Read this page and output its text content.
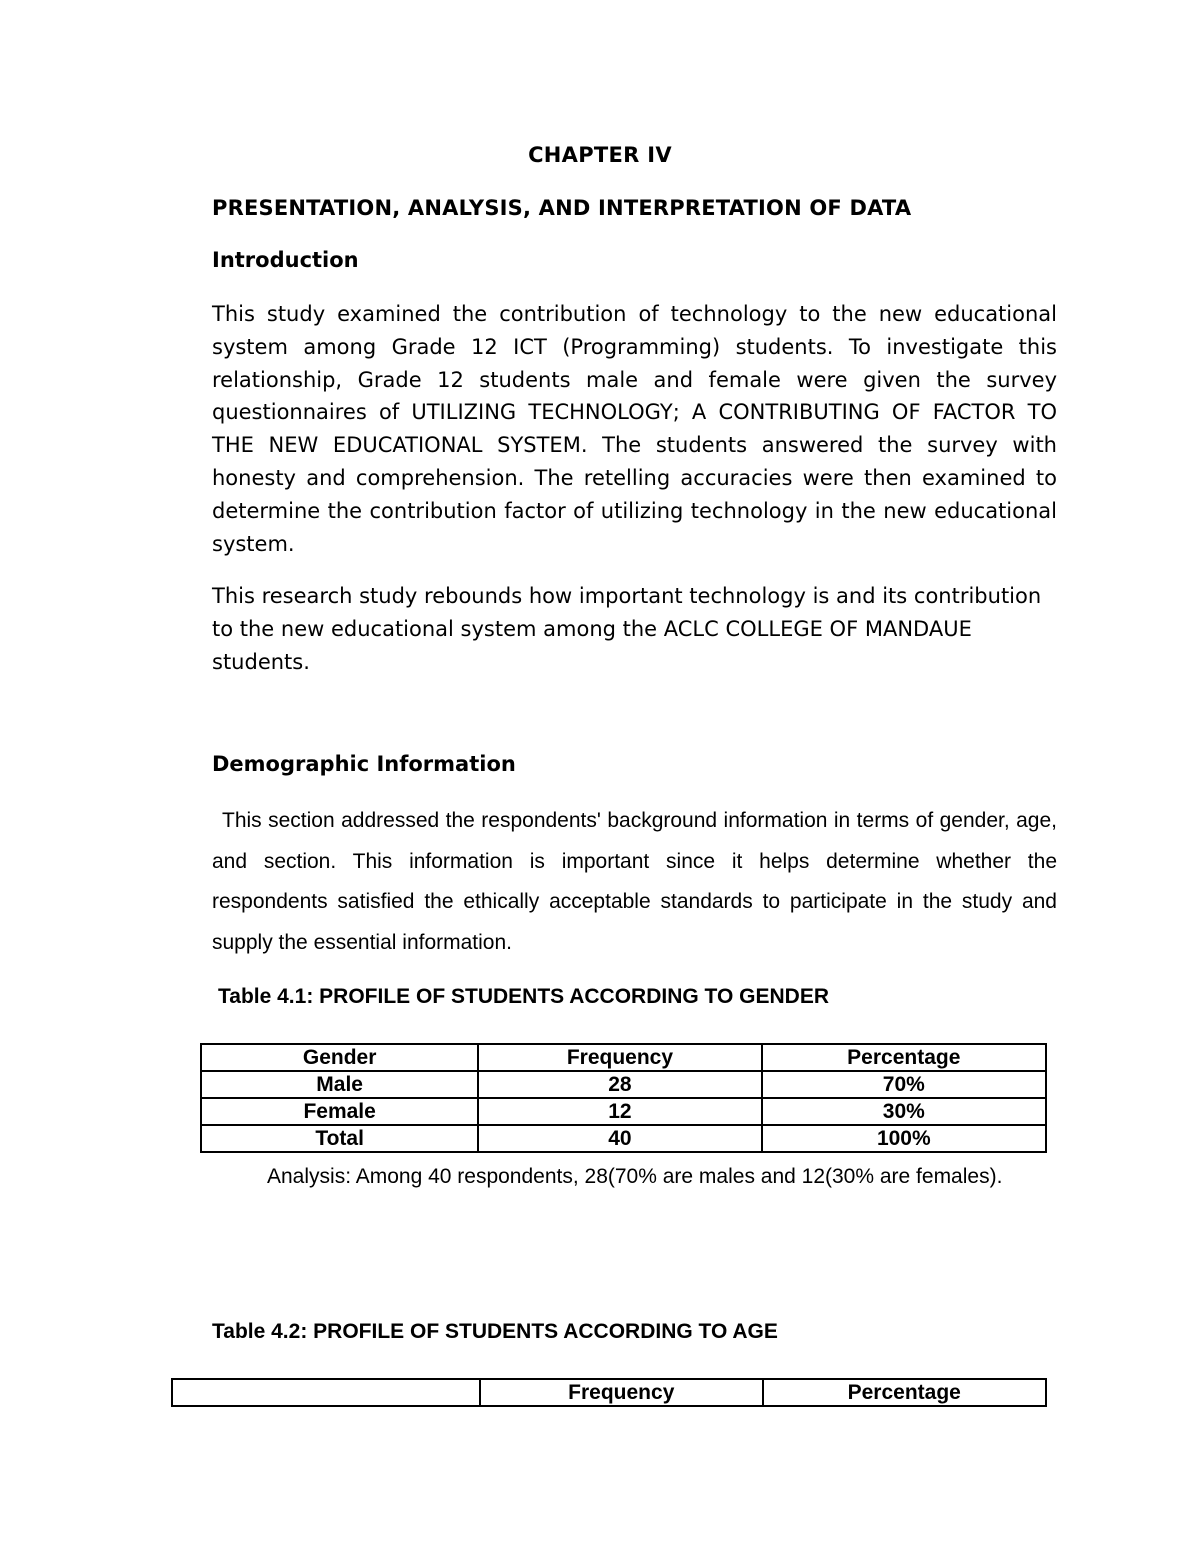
CHAPTER IV
PRESENTATION, ANALYSIS, AND INTERPRETATION OF DATA
Introduction

This study examined the contribution of technology to the new educational system among Grade 12 ICT (Programming) students. To investigate this relationship, Grade 12 students male and female were given the survey questionnaires of UTILIZING TECHNOLOGY; A CONTRIBUTING OF FACTOR TO THE NEW EDUCATIONAL SYSTEM. The students answered the survey with honesty and comprehension. The retelling accuracies were then examined to determine the contribution factor of utilizing technology in the new educational system.

This research study rebounds how important technology is and its contribution to the new educational system among the ACLC COLLEGE OF MANDAUE students.

Demographic Information

This section addressed the respondents' background information in terms of gender, age, and section. This information is important since it helps determine whether the respondents satisfied the ethically acceptable standards to participate in the study and supply the essential information.

Table 4.1: PROFILE OF STUDENTS ACCORDING TO GENDER
Gender	Frequency	Percentage
Male	28	70%
Female	12	30%
Total	40	100%

Analysis: Among 40 respondents, 28(70% are males and 12(30% are females).

Table 4.2: PROFILE OF STUDENTS ACCORDING TO AGE
	Frequency	Percentage
